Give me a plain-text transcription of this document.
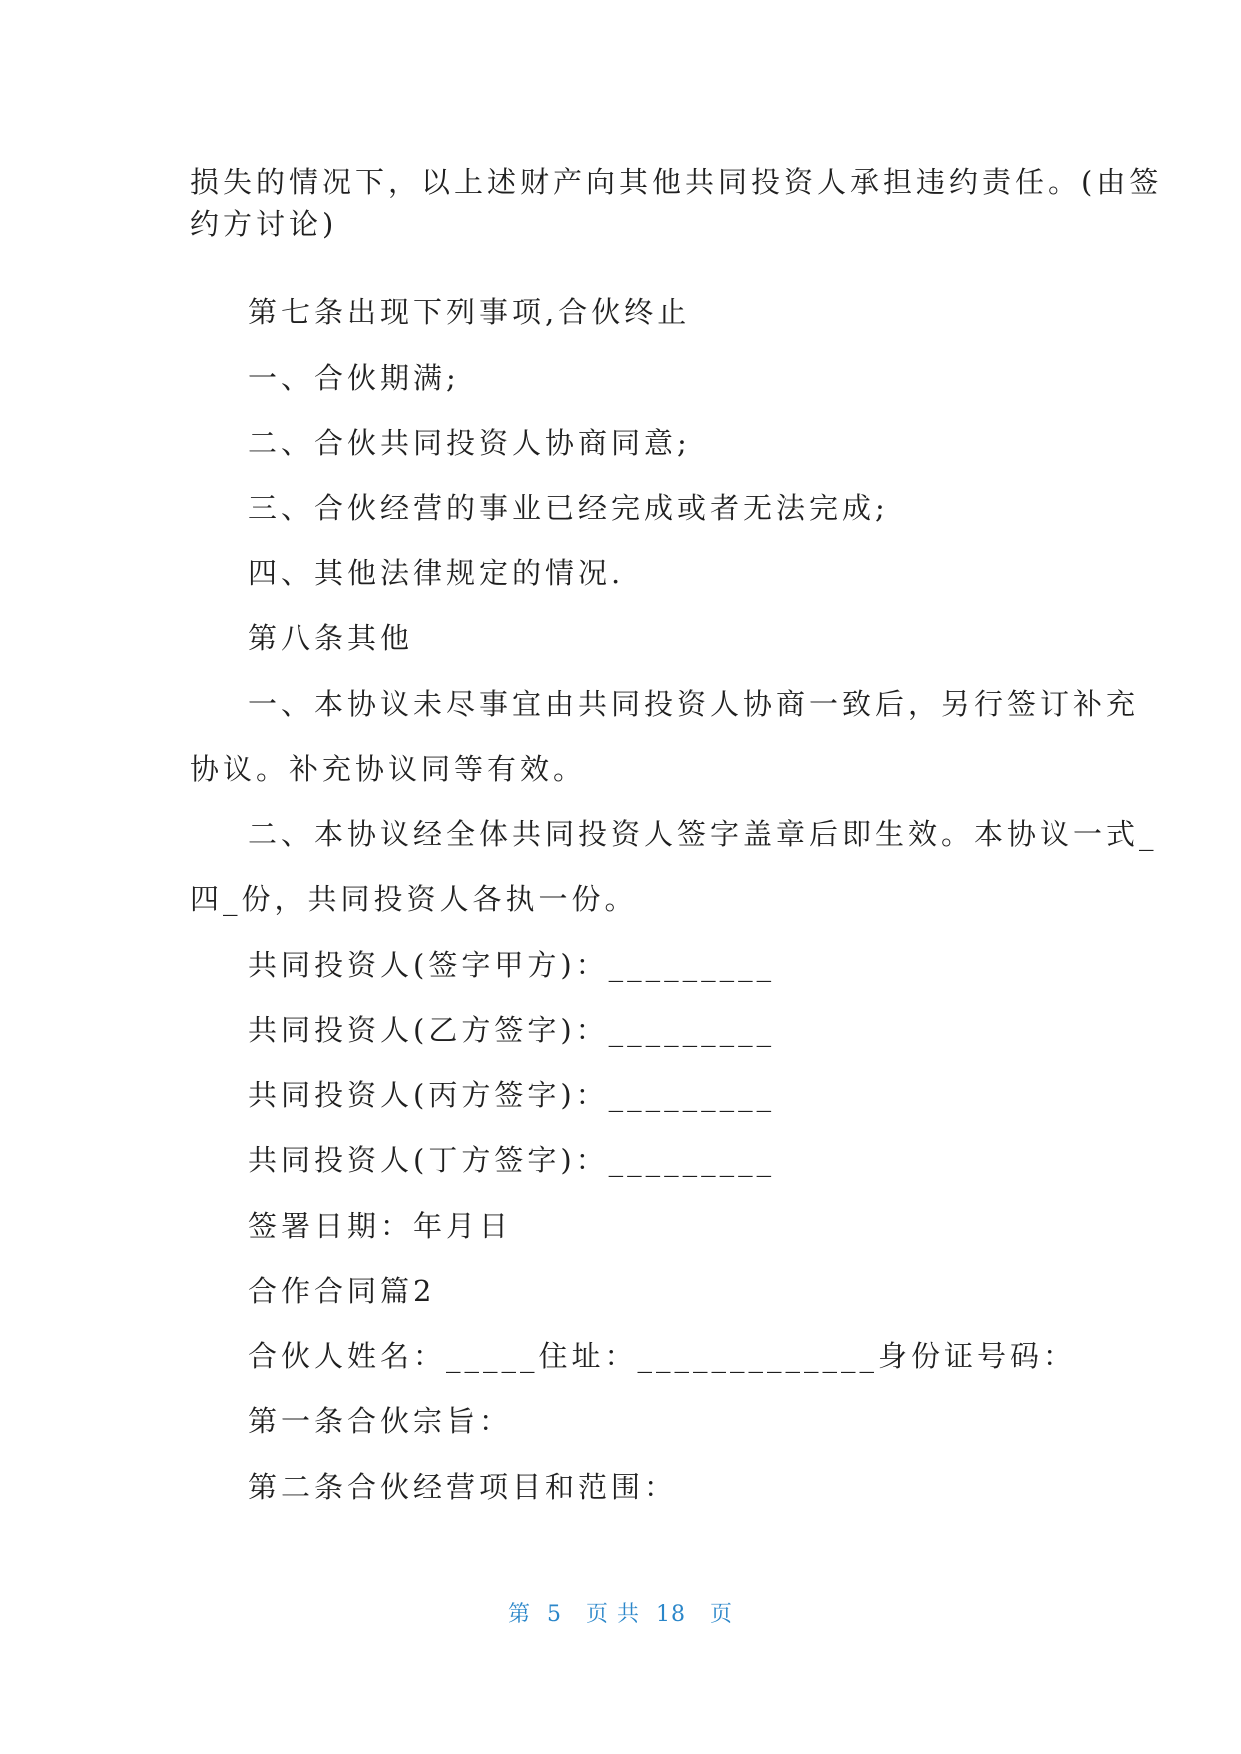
损失的情况下，以上述财产向其他共同投资人承担违约责任。(由签
约方讨论)
第七条出现下列事项,合伙终止
一、合伙期满;
二、合伙共同投资人协商同意;
三、合伙经营的事业已经完成或者无法完成;
四、其他法律规定的情况.
第八条其他
一、本协议未尽事宜由共同投资人协商一致后，另行签订补充
协议。补充协议同等有效。
二、本协议经全体共同投资人签字盖章后即生效。本协议一式_
四_份，共同投资人各执一份。
共同投资人(签字甲方)：_________
共同投资人(乙方签字)：_________
共同投资人(丙方签字)：_________
共同投资人(丁方签字)：_________
签署日期：年月日
合作合同篇2
合伙人姓名：_____住址：_____________身份证号码：
第一条合伙宗旨：
第二条合伙经营项目和范围：
第  5   页 共  18   页
